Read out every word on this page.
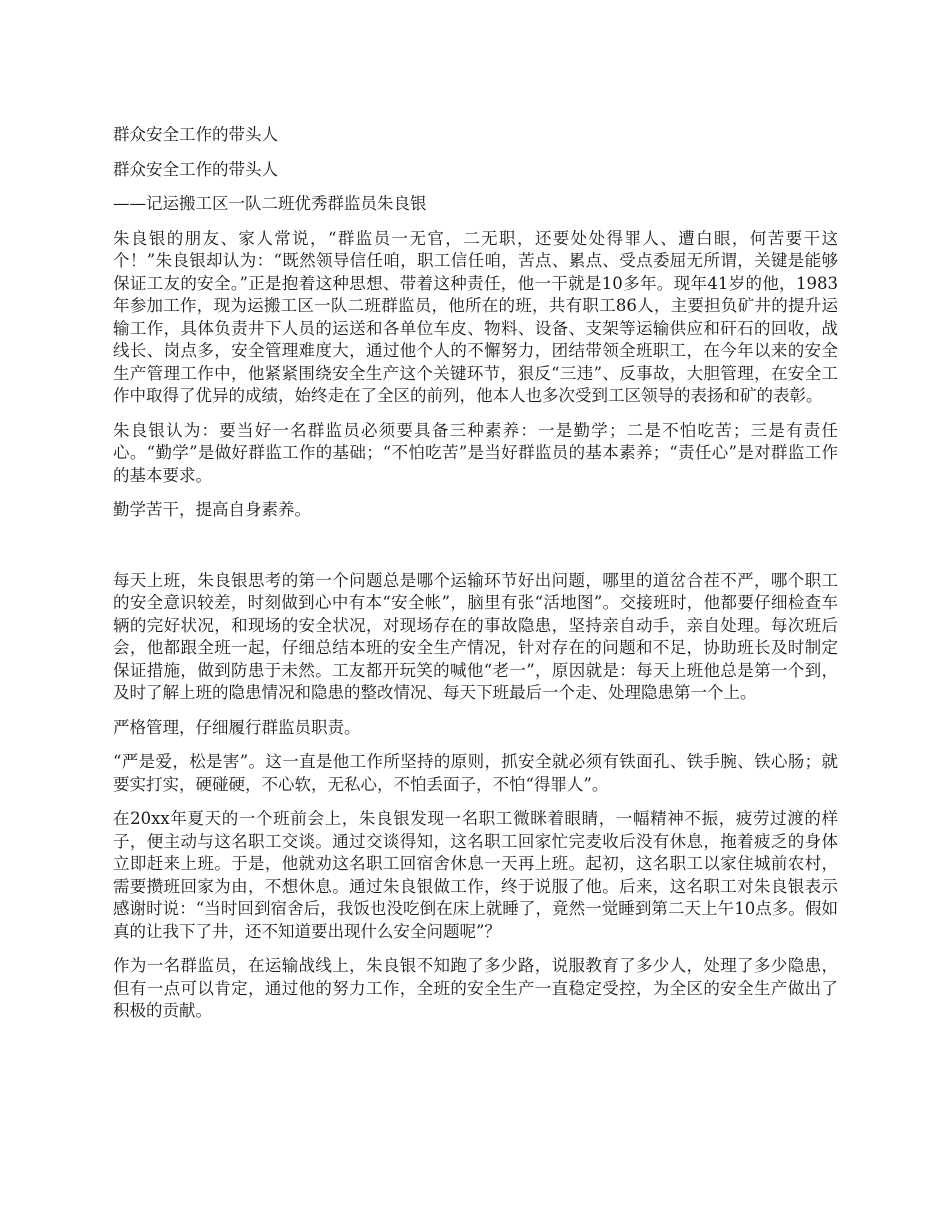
群众安全工作的带头人

群众安全工作的带头人

——记运搬工区一队二班优秀群监员朱良银

朱良银的朋友、家人常说，“群监员一无官，二无职，还要处处得罪人、遭白眼，何苦要干这个！”朱良银却认为：“既然领导信任咱，职工信任咱，苦点、累点、受点委屈无所谓，关键是能够保证工友的安全。”正是抱着这种思想、带着这种责任，他一干就是10多年。现年41岁的他，1983年参加工作，现为运搬工区一队二班群监员，他所在的班，共有职工86人，主要担负矿井的提升运输工作，具体负责井下人员的运送和各单位车皮、物料、设备、支架等运输供应和矸石的回收，战线长、岗点多，安全管理难度大，通过他个人的不懈努力，团结带领全班职工，在今年以来的安全生产管理工作中，他紧紧围绕安全生产这个关键环节，狠反“三违”、反事故，大胆管理，在安全工作中取得了优异的成绩，始终走在了全区的前列，他本人也多次受到工区领导的表扬和矿的表彰。

朱良银认为：要当好一名群监员必须要具备三种素养：一是勤学；二是不怕吃苦；三是有责任心。“勤学”是做好群监工作的基础；“不怕吃苦”是当好群监员的基本素养；“责任心”是对群监工作的基本要求。

勤学苦干，提高自身素养。

每天上班，朱良银思考的第一个问题总是哪个运输环节好出问题，哪里的道岔合茬不严，哪个职工的安全意识较差，时刻做到心中有本“安全帐”，脑里有张“活地图”。交接班时，他都要仔细检查车辆的完好状况，和现场的安全状况，对现场存在的事故隐患，坚持亲自动手，亲自处理。每次班后会，他都跟全班一起，仔细总结本班的安全生产情况，针对存在的问题和不足，协助班长及时制定保证措施，做到防患于未然。工友都开玩笑的喊他“老一”，原因就是：每天上班他总是第一个到，及时了解上班的隐患情况和隐患的整改情况、每天下班最后一个走、处理隐患第一个上。

严格管理，仔细履行群监员职责。

“严是爱，松是害”。这一直是他工作所坚持的原则，抓安全就必须有铁面孔、铁手腕、铁心肠；就要实打实，硬碰硬，不心软，无私心，不怕丢面子，不怕“得罪人”。

在20xx年夏天的一个班前会上，朱良银发现一名职工微眯着眼睛，一幅精神不振，疲劳过渡的样子，便主动与这名职工交谈。通过交谈得知，这名职工回家忙完麦收后没有休息，拖着疲乏的身体立即赶来上班。于是，他就劝这名职工回宿舍休息一天再上班。起初，这名职工以家住城前农村，需要攒班回家为由，不想休息。通过朱良银做工作，终于说服了他。后来，这名职工对朱良银表示感谢时说：“当时回到宿舍后，我饭也没吃倒在床上就睡了，竟然一觉睡到第二天上午10点多。假如真的让我下了井，还不知道要出现什么安全问题呢”？

作为一名群监员，在运输战线上，朱良银不知跑了多少路，说服教育了多少人，处理了多少隐患，但有一点可以肯定，通过他的努力工作，全班的安全生产一直稳定受控，为全区的安全生产做出了积极的贡献。
